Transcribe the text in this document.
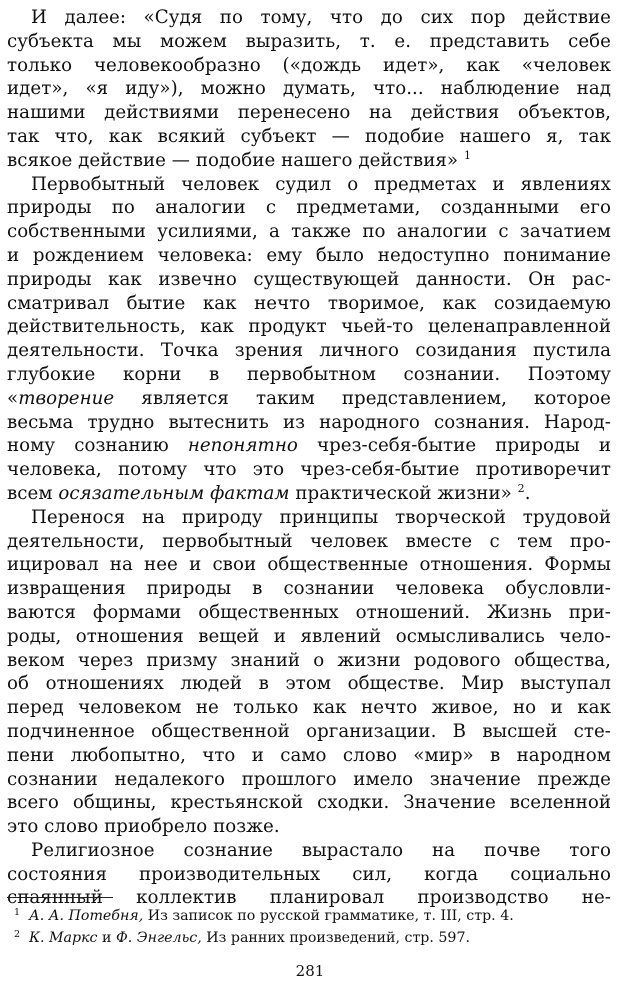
И далее: «Судя по тому, что до сих пор действие
субъекта мы можем выразить, т. е. представить себе
только человекообразно («дождь идет», как «человек
идет», «я иду»), можно думать, что... наблюдение над
нашими действиями перенесено на действия объектов,
так что, как всякий субъект — подобие нашего я, так
всякое действие — подобие нашего действия» $^1$
Первобытный человек судил о предметах и явлениях
природы по аналогии с предметами, созданными его
собственными усилиями, а также по аналогии с зачатием
и рождением человека: ему было недоступно понимание
природы как извечно существующей данности. Он рас-
сматривал бытие как нечто творимое, как созидаемую
действительность, как продукт чьей-то целенаправленной
деятельности. Точка зрения личного созидания пустила
глубокие корни в первобытном сознании. Поэтому
«творение является таким представлением, которое
весьма трудно вытеснить из народного сознания. Народ-
ному сознанию непонятно чрез-себя-бытие природы и
человека, потому что это чрез-себя-бытие противоречит
всем осязательным фактам практической жизни» $^2$.
Перенося на природу принципы творческой трудовой
деятельности, первобытный человек вместе с тем про-
ицировал на нее и свои общественные отношения. Формы
извращения природы в сознании человека обусловли-
ваются формами общественных отношений. Жизнь при-
роды, отношения вещей и явлений осмысливались чело-
веком через призму знаний о жизни родового общества,
об отношениях людей в этом обществе. Мир выступал
перед человеком не только как нечто живое, но и как
подчиненное общественной организации. В высшей сте-
пени любопытно, что и само слово «мир» в народном
сознании недалекого прошлого имело значение прежде
всего общины, крестьянской сходки. Значение вселенной
это слово приобрело позже.
Религиозное сознание вырастало на почве того
состояния производительных сил, когда социально
спаянный коллектив планировал производство не-
1 А. А. Потебня, Из записок по русской грамматике, т. III, стр. 4.
2 К. Маркс и Ф. Энгельс, Из ранних произведений, стр. 597.
281
